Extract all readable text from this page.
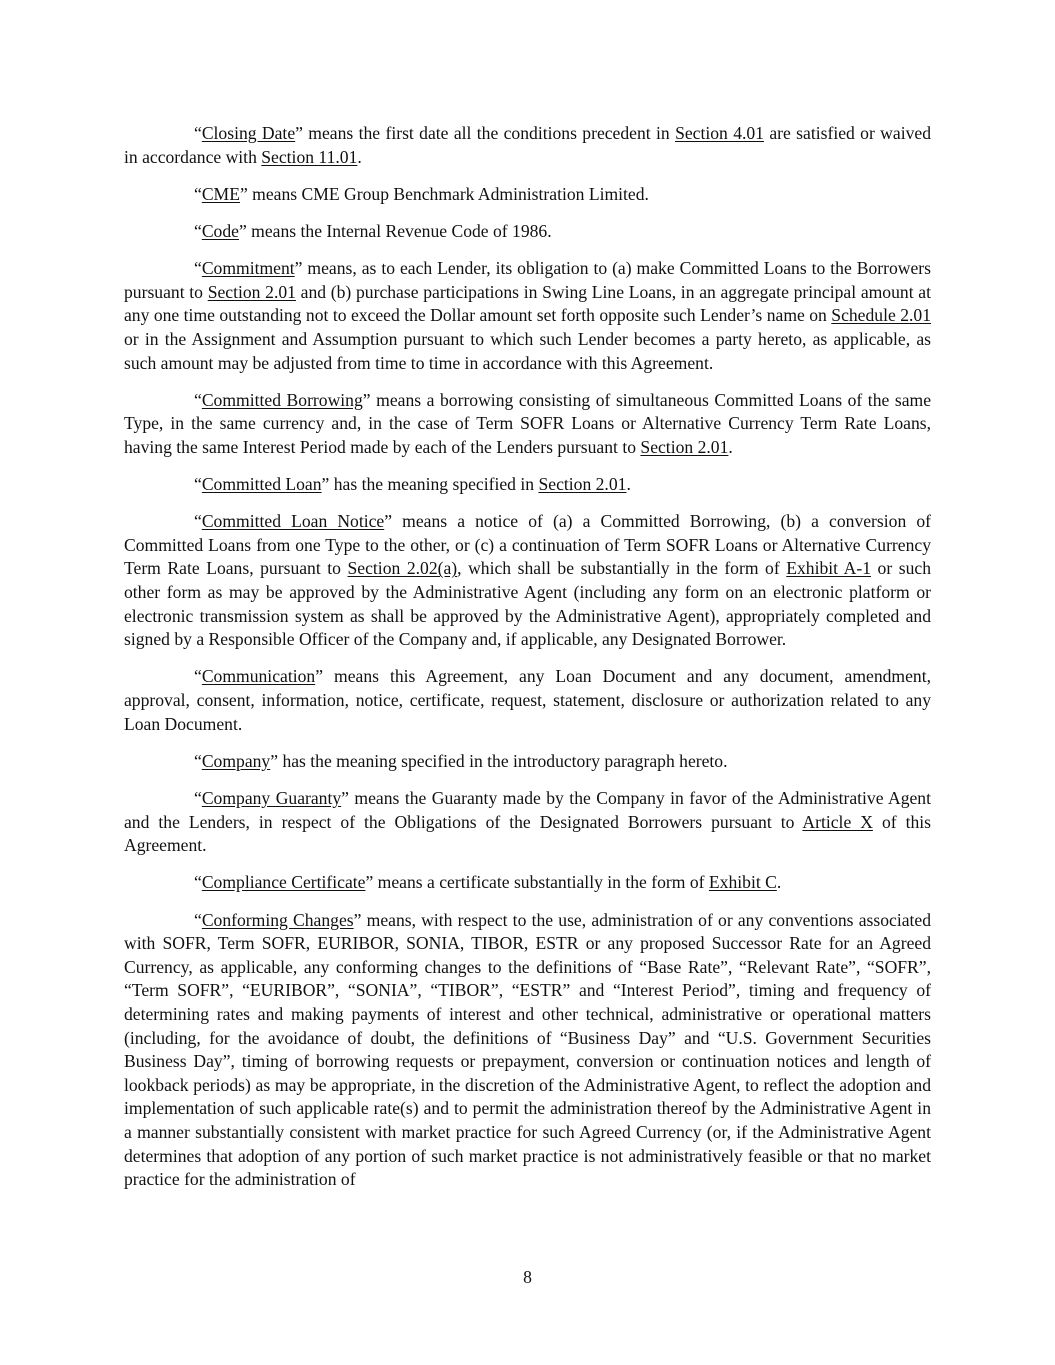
“Closing Date” means the first date all the conditions precedent in Section 4.01 are satisfied or waived in accordance with Section 11.01.

“CME” means CME Group Benchmark Administration Limited.

“Code” means the Internal Revenue Code of 1986.

“Commitment” means, as to each Lender, its obligation to (a) make Committed Loans to the Borrowers pursuant to Section 2.01 and (b) purchase participations in Swing Line Loans, in an aggregate principal amount at any one time outstanding not to exceed the Dollar amount set forth opposite such Lender’s name on Schedule 2.01 or in the Assignment and Assumption pursuant to which such Lender becomes a party hereto, as applicable, as such amount may be adjusted from time to time in accordance with this Agreement.

“Committed Borrowing” means a borrowing consisting of simultaneous Committed Loans of the same Type, in the same currency and, in the case of Term SOFR Loans or Alternative Currency Term Rate Loans, having the same Interest Period made by each of the Lenders pursuant to Section 2.01.

“Committed Loan” has the meaning specified in Section 2.01.

“Committed Loan Notice” means a notice of (a) a Committed Borrowing, (b) a conversion of Committed Loans from one Type to the other, or (c) a continuation of Term SOFR Loans or Alternative Currency Term Rate Loans, pursuant to Section 2.02(a), which shall be substantially in the form of Exhibit A-1 or such other form as may be approved by the Administrative Agent (including any form on an electronic platform or electronic transmission system as shall be approved by the Administrative Agent), appropriately completed and signed by a Responsible Officer of the Company and, if applicable, any Designated Borrower.

“Communication” means this Agreement, any Loan Document and any document, amendment, approval, consent, information, notice, certificate, request, statement, disclosure or authorization related to any Loan Document.

“Company” has the meaning specified in the introductory paragraph hereto.

“Company Guaranty” means the Guaranty made by the Company in favor of the Administrative Agent and the Lenders, in respect of the Obligations of the Designated Borrowers pursuant to Article X of this Agreement.

“Compliance Certificate” means a certificate substantially in the form of Exhibit C.

“Conforming Changes” means, with respect to the use, administration of or any conventions associated with SOFR, Term SOFR, EURIBOR, SONIA, TIBOR, ESTR or any proposed Successor Rate for an Agreed Currency, as applicable, any conforming changes to the definitions of “Base Rate”, “Relevant Rate”, “SOFR”, “Term SOFR”, “EURIBOR”, “SONIA”, “TIBOR”, “ESTR” and “Interest Period”, timing and frequency of determining rates and making payments of interest and other technical, administrative or operational matters (including, for the avoidance of doubt, the definitions of “Business Day” and “U.S. Government Securities Business Day”, timing of borrowing requests or prepayment, conversion or continuation notices and length of lookback periods) as may be appropriate, in the discretion of the Administrative Agent, to reflect the adoption and implementation of such applicable rate(s) and to permit the administration thereof by the Administrative Agent in a manner substantially consistent with market practice for such Agreed Currency (or, if the Administrative Agent determines that adoption of any portion of such market practice is not administratively feasible or that no market practice for the administration of

8
